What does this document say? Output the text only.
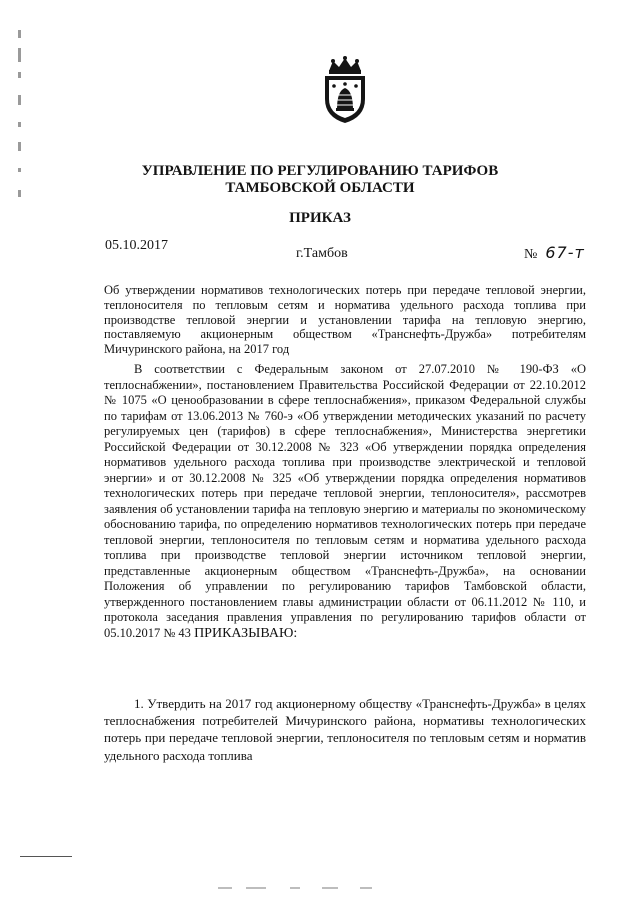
УПРАВЛЕНИЕ ПО РЕГУЛИРОВАНИЮ ТАРИФОВ
ТАМБОВСКОЙ ОБЛАСТИ
ПРИКАЗ
05.10.2017
г.Тамбов	№ 67-т
Об утверждении нормативов технологических потерь при передаче тепловой энергии, теплоносителя по тепловым сетям и норматива удельного расхода топлива при производстве тепловой энергии и установлении тарифа на тепловую энергию, поставляемую акционерным обществом «Транснефть-Дружба» потребителям Мичуринского района, на 2017 год
В соответствии с Федеральным законом от 27.07.2010 № 190-ФЗ «О теплоснабжении», постановлением Правительства Российской Федерации от 22.10.2012 № 1075 «О ценообразовании в сфере теплоснабжения», приказом Федеральной службы по тарифам от 13.06.2013 № 760-э «Об утверждении методических указаний по расчету регулируемых цен (тарифов) в сфере теплоснабжения», Министерства энергетики Российской Федерации от 30.12.2008 № 323 «Об утверждении порядка определения нормативов удельного расхода топлива при производстве электрической и тепловой энергии» и от 30.12.2008 № 325 «Об утверждении порядка определения нормативов технологических потерь при передаче тепловой энергии, теплоносителя», рассмотрев заявления об установлении тарифа на тепловую энергию и материалы по экономическому обоснованию тарифа, по определению нормативов технологических потерь при передаче тепловой энергии, теплоносителя по тепловым сетям и норматива удельного расхода топлива при производстве тепловой энергии источником тепловой энергии, представленные акционерным обществом «Транснефть-Дружба», на основании Положения об управлении по регулированию тарифов Тамбовской области, утвержденного постановлением главы администрации области от 06.11.2012 № 110, и протокола заседания правления управления по регулированию тарифов области от 05.10.2017 № 43 ПРИКАЗЫВАЮ:
1. Утвердить на 2017 год акционерному обществу «Транснефть-Дружба» в целях теплоснабжения потребителей Мичуринского района, нормативы технологических потерь при передаче тепловой энергии, теплоносителя по тепловым сетям и норматив удельного расхода топлива
